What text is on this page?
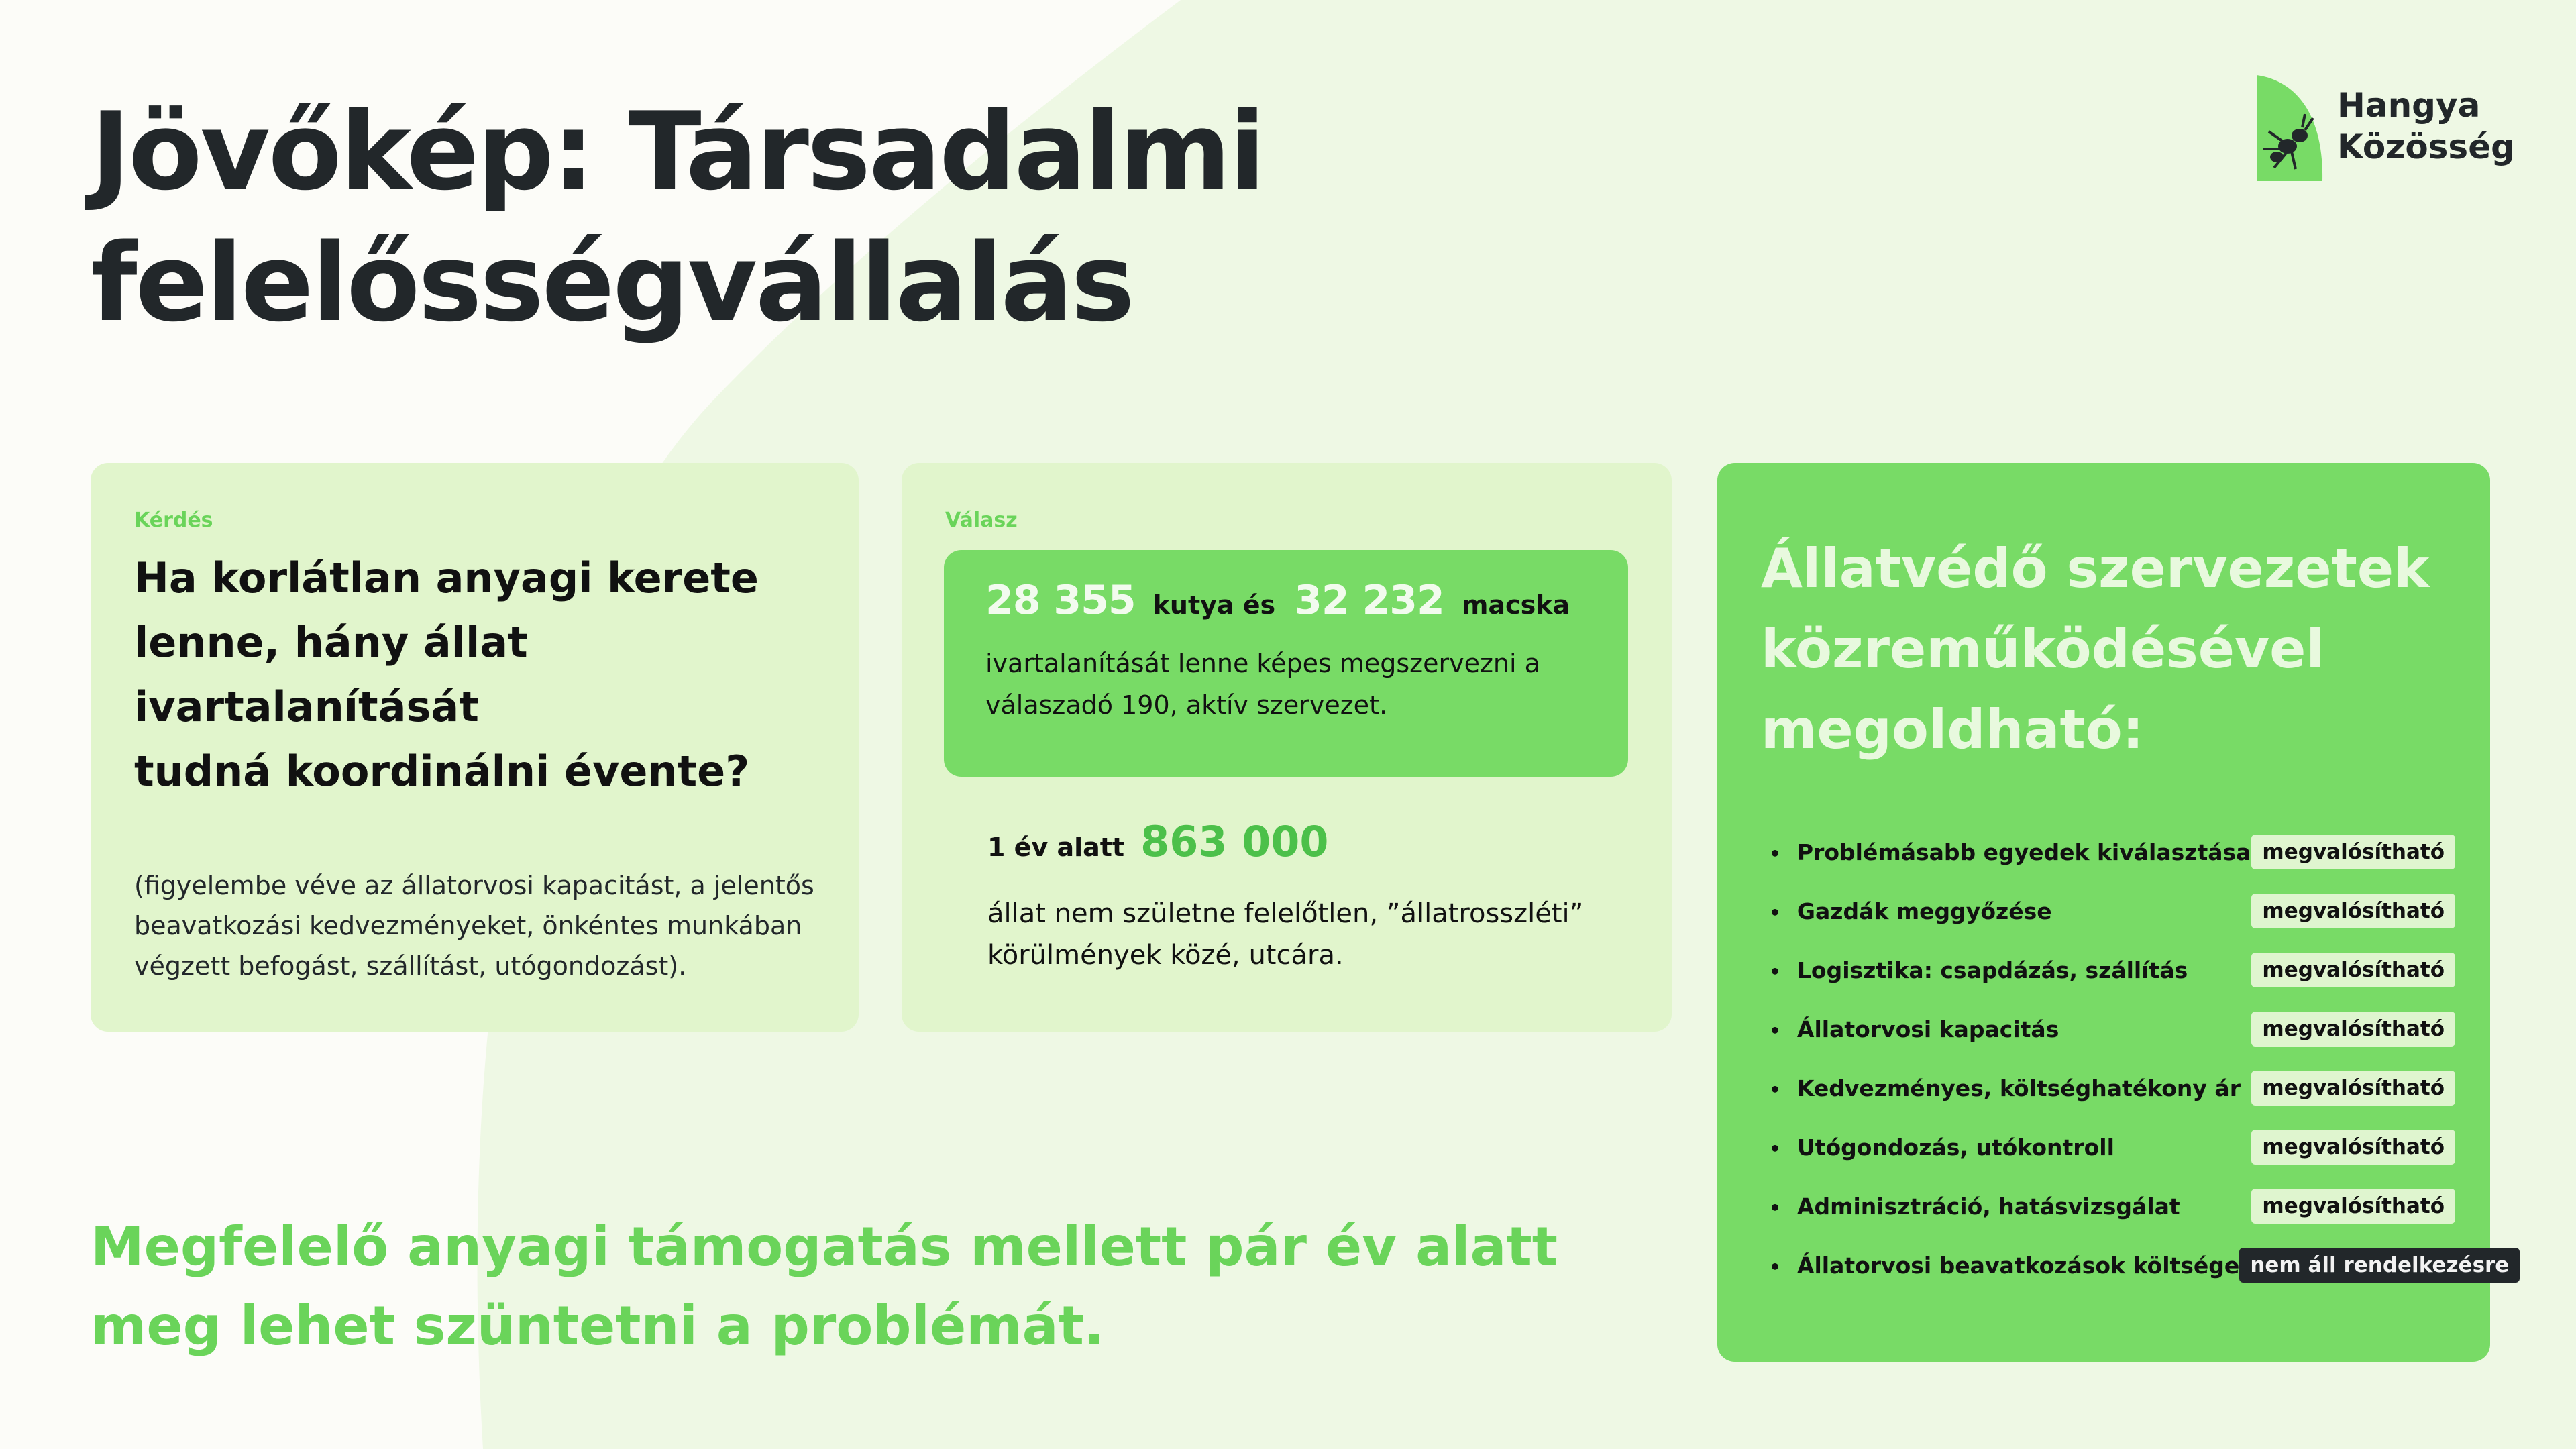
Jövőkép: Társadalmi
felelősségvállalás
Hangya
Közösség

Kérdés

Ha korlátlan anyagi kerete
lenne, hány állat ivartalanítását
tudná koordinálni évente?

(figyelembe véve az állatorvosi kapacitást, a jelentős
beavatkozási kedvezményeket, önkéntes munkában
végzett befogást, szállítást, utógondozást).

Válasz

28 355 kutya és 32 232 macska
ivartalanítását lenne képes megszervezni a
válaszadó 190, aktív szervezet.
1 év alatt 863 000
állat nem születne felelőtlen, ”állatrosszléti”
körülmények közé, utcára.
Állatvédő szervezetek
közreműködésével
megoldható:
• Problémásabb egyedek kiválasztása megvalósítható
• Gazdák meggyőzése	megvalósítható
• Logisztika: csapdázás, szállítás	megvalósítható
• Állatorvosi kapacitás	megvalósítható
• Kedvezményes, költséghatékony ár	megvalósítható
• Utógondozás, utókontroll	megvalósítható
• Adminisztráció, hatásvizsgálat	megvalósítható
• Állatorvosi beavatkozások költsége nem áll rendelkezésre

Megfelelő anyagi támogatás mellett pár év alatt
meg lehet szüntetni a problémát.
